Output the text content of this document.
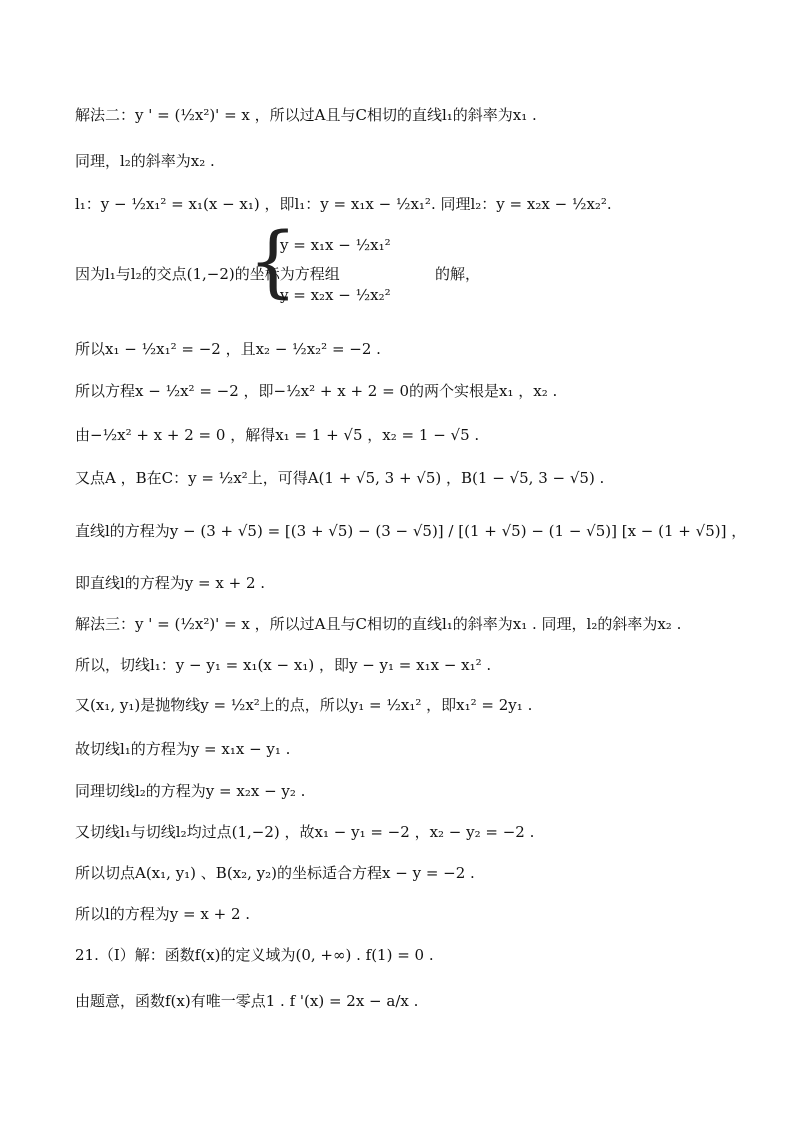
解法二：y ' = (½x²)' = x ，所以过A且与C相切的直线l₁的斜率为x₁ .
同理，l₂的斜率为x₂ .
l₁：y − ½x₁² = x₁(x − x₁) ，即l₁：y = x₁x − ½x₁². 同理l₂：y = x₂x − ½x₂².
因为l₁与l₂的交点(1,−2)的坐标为方程组
{
y = x₁x − ½x₁²
y = x₂x − ½x₂²
的解，
所以x₁ − ½x₁² = −2 ，且x₂ − ½x₂² = −2 .
所以方程x − ½x² = −2 ，即−½x² + x + 2 = 0的两个实根是x₁ ，x₂ .
由−½x² + x + 2 = 0 ，解得x₁ = 1 + √5 ，x₂ = 1 − √5 .
又点A ，B在C：y = ½x²上，可得A(1 + √5, 3 + √5) ，B(1 − √5, 3 − √5) .
直线l的方程为y − (3 + √5) = [(3 + √5) − (3 − √5)] / [(1 + √5) − (1 − √5)] [x − (1 + √5)] ，
即直线l的方程为y = x + 2 .
解法三：y ' = (½x²)' = x ，所以过A且与C相切的直线l₁的斜率为x₁ . 同理，l₂的斜率为x₂ .
所以，切线l₁：y − y₁ = x₁(x − x₁) ，即y − y₁ = x₁x − x₁² .
又(x₁, y₁)是抛物线y = ½x²上的点，所以y₁ = ½x₁² ，即x₁² = 2y₁ .
故切线l₁的方程为y = x₁x − y₁ .
同理切线l₂的方程为y = x₂x − y₂ .
又切线l₁与切线l₂均过点(1,−2) ，故x₁ − y₁ = −2 ，x₂ − y₂ = −2 .
所以切点A(x₁, y₁) 、B(x₂, y₂)的坐标适合方程x − y = −2 .
所以l的方程为y = x + 2 .
21.（Ⅰ）解：函数f(x)的定义域为(0, +∞) . f(1) = 0 .
由题意，函数f(x)有唯一零点1 . f '(x) = 2x − a/x .
